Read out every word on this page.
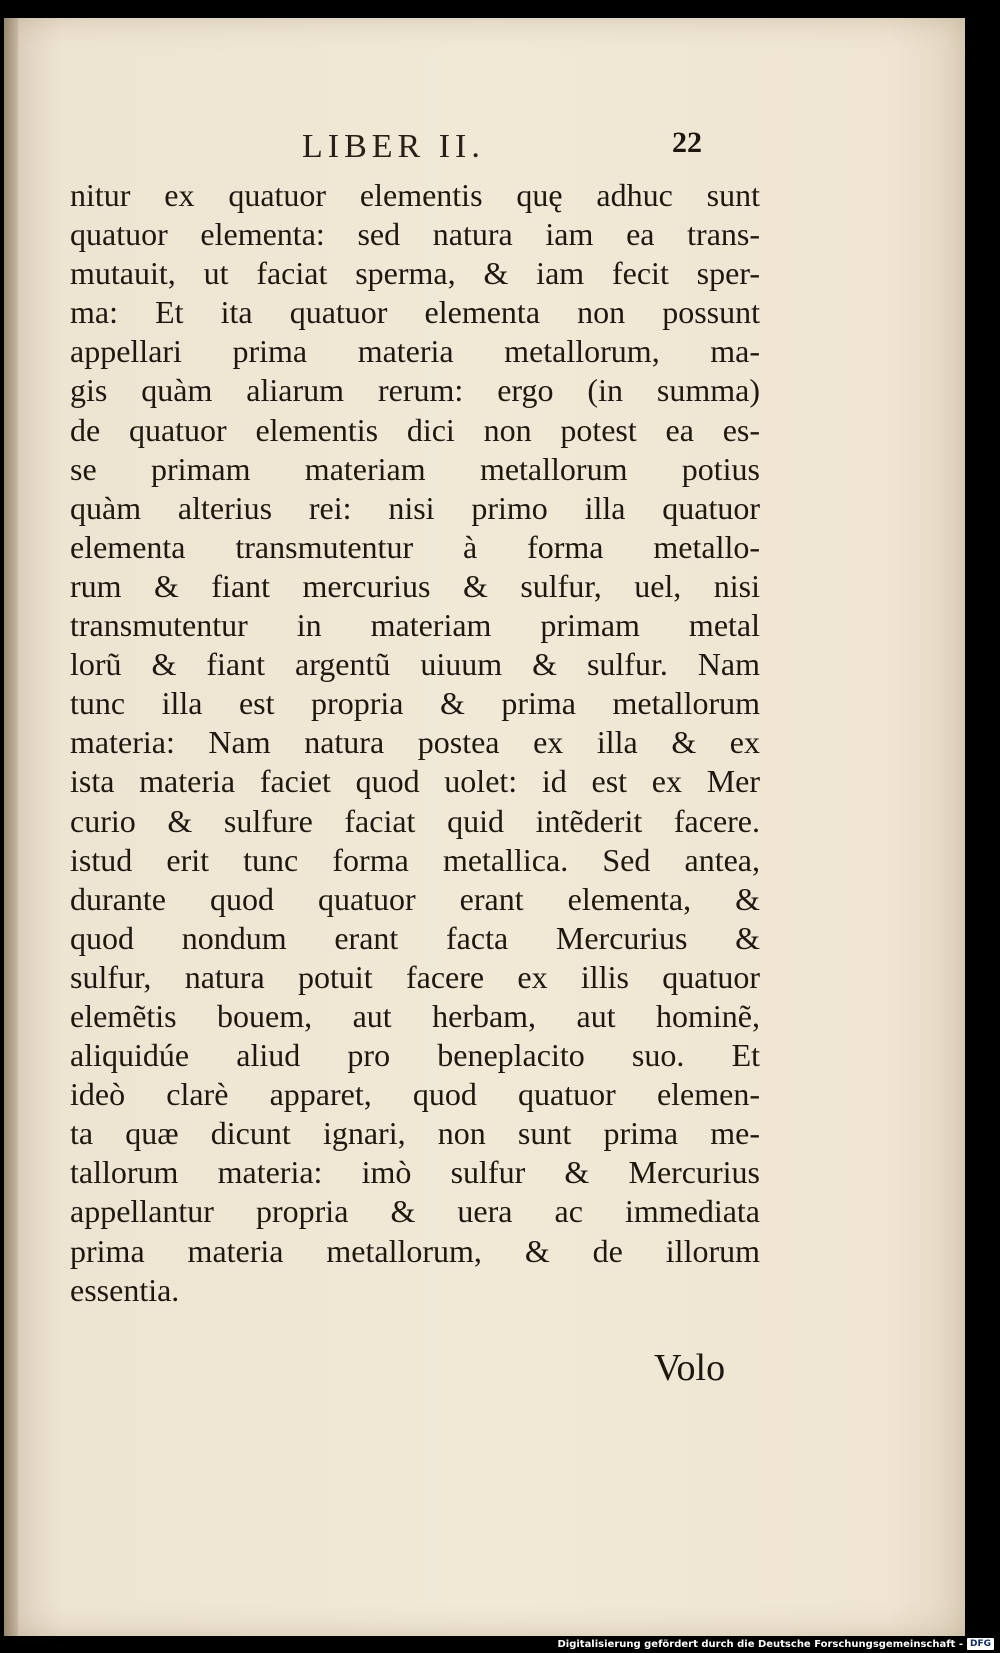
LIBER II.	22
nitur ex quatuor elementis quę adhuc sunt
quatuor elementa: sed natura iam ea trans-
mutauit, ut faciat sperma, & iam fecit sper-
ma: Et ita quatuor elementa non possunt
appellari prima materia metallorum, ma-
gis quàm aliarum rerum: ergo (in summa)
de quatuor elementis dici non potest ea es-
se primam materiam metallorum potius
quàm alterius rei: nisi primo illa quatuor
elementa transmutentur à forma metallo-
rum & fiant mercurius & sulfur, uel, nisi
transmutentur in materiam primam metal
lorũ & fiant argentũ uiuum & sulfur. Nam
tunc illa est propria & prima metallorum
materia: Nam natura postea ex illa & ex
ista materia faciet quod uolet: id est ex Mer
curio & sulfure faciat quid intẽderit facere.
istud erit tunc forma metallica. Sed antea,
durante quod quatuor erant elementa, &
quod nondum erant facta Mercurius &
sulfur, natura potuit facere ex illis quatuor
elemẽtis bouem, aut herbam, aut hominẽ,
aliquidúe aliud pro beneplacito suo. Et
ideò clarè apparet, quod quatuor elemen-
ta quæ dicunt ignari, non sunt prima me-
tallorum materia: imò sulfur & Mercurius
appellantur propria & uera ac immediata
prima materia metallorum, & de illorum
essentia.
Volo
Digitalisierung gefördert durch die Deutsche Forschungsgemeinschaft - DFG
